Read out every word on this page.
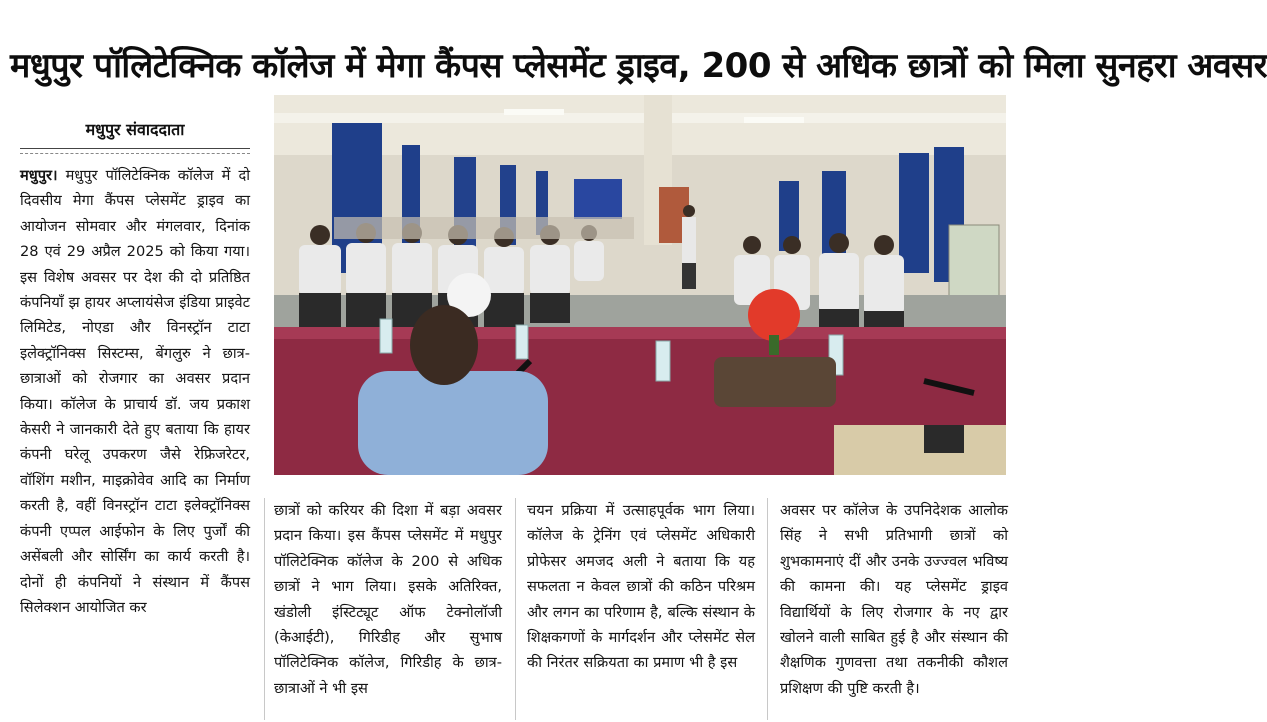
मधुपुर पॉलिटेक्निक कॉलेज में मेगा कैंपस प्लेसमेंट ड्राइव, 200 से अधिक छात्रों को मिला सुनहरा अवसर
मधुपुर संवाददाता
मधुपुर। मधुपुर पॉलिटेक्निक कॉलेज में दो दिवसीय मेगा कैंपस प्लेसमेंट ड्राइव का आयोजन सोमवार और मंगलवार, दिनांक 28 एवं 29 अप्रैल 2025 को किया गया। इस विशेष अवसर पर देश की दो प्रतिष्ठित कंपनियाँ झ हायर अप्लायंसेज इंडिया प्राइवेट लिमिटेड, नोएडा और विनस्ट्रॉन टाटा इलेक्ट्रॉनिक्स सिस्टम्स, बेंगलुरु ने छात्र-छात्राओं को रोजगार का अवसर प्रदान किया। कॉलेज के प्राचार्य डॉ. जय प्रकाश केसरी ने जानकारी देते हुए बताया कि हायर कंपनी घरेलू उपकरण जैसे रेफ्रिजरेटर, वॉशिंग मशीन, माइक्रोवेव आदि का निर्माण करती है, वहीं विनस्ट्रॉन टाटा इलेक्ट्रॉनिक्स कंपनी एप्पल आईफोन के लिए पुर्जों की असेंबली और सोर्सिंग का कार्य करती है। दोनों ही कंपनियों ने संस्थान में कैंपस सिलेक्शन आयोजित कर
छात्रों को करियर की दिशा में बड़ा अवसर प्रदान किया। इस कैंपस प्लेसमेंट में मधुपुर पॉलिटेक्निक कॉलेज के 200 से अधिक छात्रों ने भाग लिया। इसके अतिरिक्त, खंडोली इंस्टिट्यूट ऑफ टेक्नोलॉजी (केआईटी), गिरिडीह और सुभाष पॉलिटेक्निक कॉलेज, गिरिडीह के छात्र-छात्राओं ने भी इस
चयन प्रक्रिया में उत्साहपूर्वक भाग लिया। कॉलेज के ट्रेनिंग एवं प्लेसमेंट अधिकारी प्रोफेसर अमजद अली ने बताया कि यह सफलता न केवल छात्रों की कठिन परिश्रम और लगन का परिणाम है, बल्कि संस्थान के शिक्षकगणों के मार्गदर्शन और प्लेसमेंट सेल की निरंतर सक्रियता का प्रमाण भी है इस
अवसर पर कॉलेज के उपनिदेशक आलोक सिंह ने सभी प्रतिभागी छात्रों को शुभकामनाएं दीं और उनके उज्ज्वल भविष्य की कामना की। यह प्लेसमेंट ड्राइव विद्यार्थियों के लिए रोजगार के नए द्वार खोलने वाली साबित हुई है और संस्थान की शैक्षणिक गुणवत्ता तथा तकनीकी कौशल प्रशिक्षण की पुष्टि करती है।
